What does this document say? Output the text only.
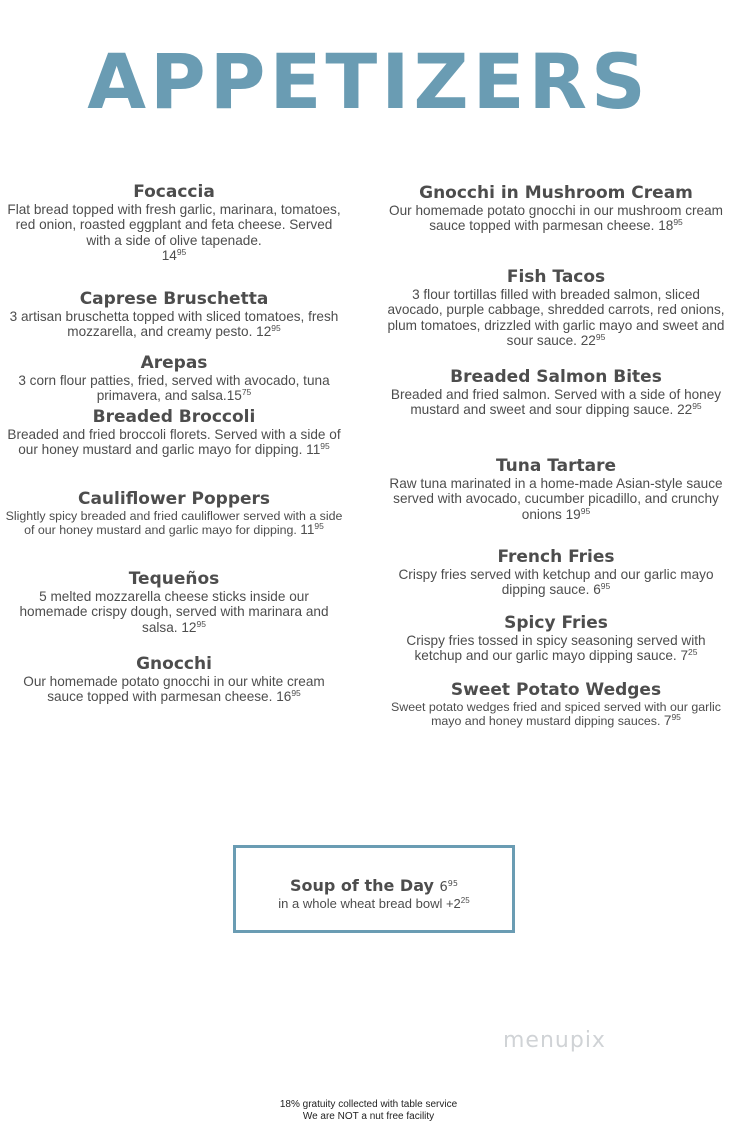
APPETIZERS
Focaccia
Flat bread topped with fresh garlic, marinara, tomatoes, red onion, roasted eggplant and feta cheese. Served with a side of olive tapenade.
$14^{95}$
Caprese Bruschetta
3 artisan bruschetta topped with sliced tomatoes, fresh mozzarella, and creamy pesto. $12^{95}$
Arepas
3 corn flour patties, fried, served with avocado, tuna primavera, and $salsa.15^{75}$
Breaded Broccoli
Breaded and fried broccoli florets. Served with a side of our honey mustard and garlic mayo for dipping. $11^{95}$
Cauliflower Poppers
Slightly spicy breaded and fried cauliflower served with a side of our honey mustard and garlic mayo for dipping. $11^{95}$
Tequeños
5 melted mozzarella cheese sticks inside our homemade crispy dough, served with marinara and salsa. $12^{95}$
Gnocchi
Our homemade potato gnocchi in our white cream sauce topped with parmesan cheese. $16^{95}$
Gnocchi in Mushroom Cream
Our homemade potato gnocchi in our mushroom cream sauce topped with parmesan cheese. $18^{95}$
Fish Tacos
3 flour tortillas filled with breaded salmon, sliced avocado, purple cabbage, shredded carrots, red onions, plum tomatoes, drizzled with garlic mayo and sweet and sour sauce. $22^{95}$
Breaded Salmon Bites
Breaded and fried salmon. Served with a side of honey mustard and sweet and sour dipping sauce. $22^{95}$
Tuna Tartare
Raw tuna marinated in a home-made Asian-style sauce served with avocado, cucumber picadillo, and crunchy onions $19^{95}$
French Fries
Crispy fries served with ketchup and our garlic mayo dipping sauce. $6^{95}$
Spicy Fries
Crispy fries tossed in spicy seasoning served with ketchup and our garlic mayo dipping sauce. $7^{25}$
Sweet Potato Wedges
Sweet potato wedges fried and spiced served with our garlic mayo and honey mustard dipping sauces. $7^{95}$
Soup of the Day $6^{95}$
in a whole wheat bread bowl $+2^{25}$
menupix
18% gratuity collected with table service
We are NOT a nut free facility
